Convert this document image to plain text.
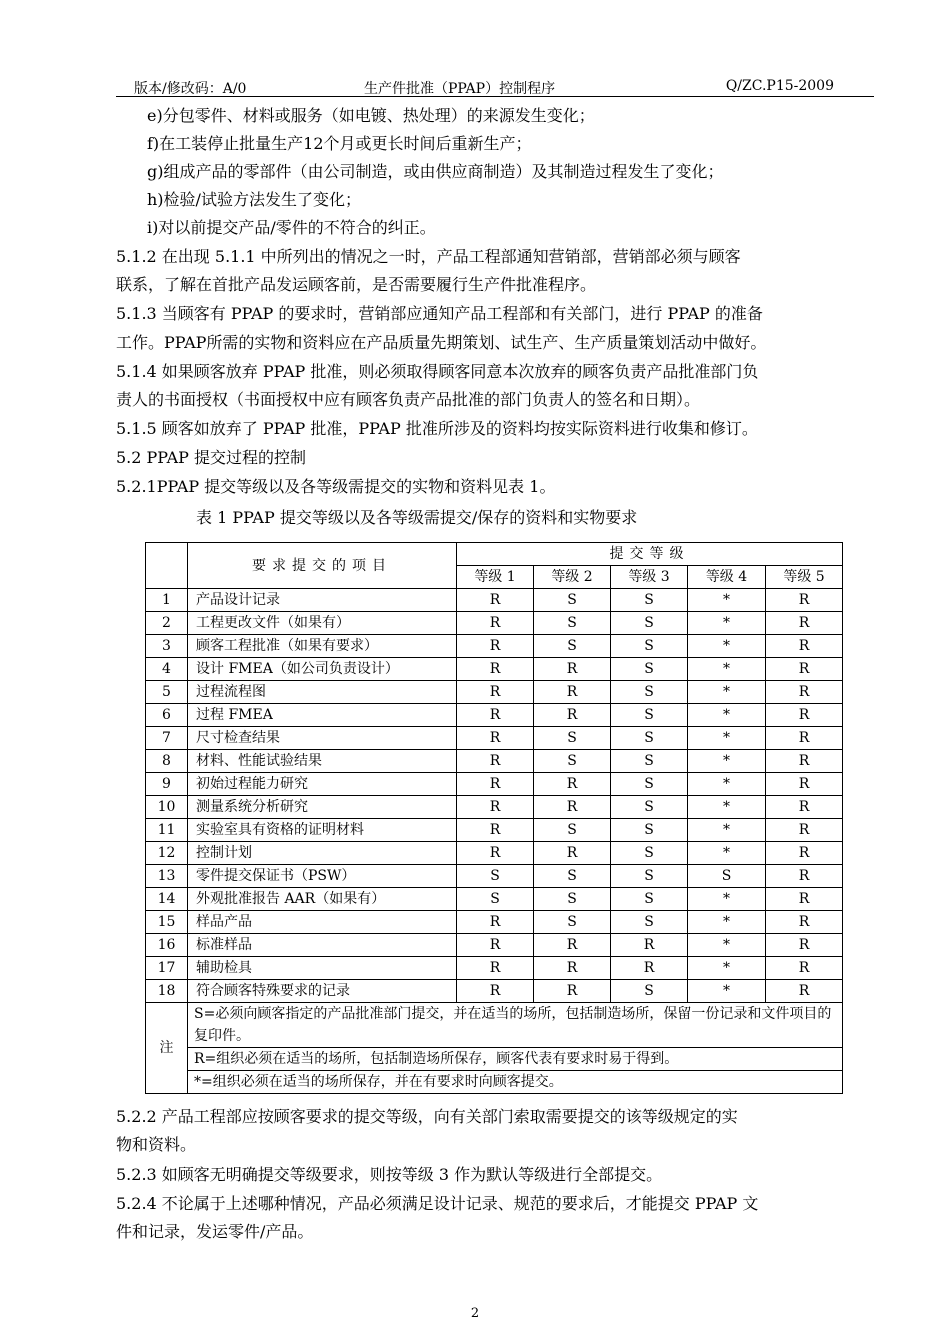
版本/修改码：A/0	生产件批准（PPAP）控制程序	Q/ZC.P15-2009
e)分包零件、材料或服务（如电镀、热处理）的来源发生变化；
f)在工装停止批量生产12个月或更长时间后重新生产；
g)组成产品的零部件（由公司制造，或由供应商制造）及其制造过程发生了变化；
h)检验/试验方法发生了变化；
i)对以前提交产品/零件的不符合的纠正。
5.1.2 在出现 5.1.1 中所列出的情况之一时，产品工程部通知营销部，营销部必须与顾客
联系，了解在首批产品发运顾客前，是否需要履行生产件批准程序。
5.1.3 当顾客有 PPAP 的要求时，营销部应通知产品工程部和有关部门，进行 PPAP 的准备
工作。PPAP所需的实物和资料应在产品质量先期策划、试生产、生产质量策划活动中做好。
5.1.4 如果顾客放弃 PPAP 批准，则必须取得顾客同意本次放弃的顾客负责产品批准部门负
责人的书面授权（书面授权中应有顾客负责产品批准的部门负责人的签名和日期）。
5.1.5 顾客如放弃了 PPAP 批准，PPAP 批准所涉及的资料均按实际资料进行收集和修订。
5.2 PPAP 提交过程的控制
5.2.1PPAP 提交等级以及各等级需提交的实物和资料见表 1。
表 1 PPAP 提交等级以及各等级需提交/保存的资料和实物要求
	要求提交的项目	提交等级				
		等级 1	等级 2	等级 3	等级 4	等级 5
1	产品设计记录	R	S	S	*	R
2	工程更改文件（如果有）	R	S	S	*	R
3	顾客工程批准（如果有要求）	R	S	S	*	R
4	设计 FMEA（如公司负责设计）	R	R	S	*	R
5	过程流程图	R	R	S	*	R
6	过程 FMEA	R	R	S	*	R
7	尺寸检查结果	R	S	S	*	R
8	材料、性能试验结果	R	S	S	*	R
9	初始过程能力研究	R	R	S	*	R
10	测量系统分析研究	R	R	S	*	R
11	实验室具有资格的证明材料	R	S	S	*	R
12	控制计划	R	R	S	*	R
13	零件提交保证书（PSW）	S	S	S	S	R
14	外观批准报告 AAR（如果有）	S	S	S	*	R
15	样品产品	R	S	S	*	R
16	标准样品	R	R	R	*	R
17	辅助检具	R	R	R	*	R
18	符合顾客特殊要求的记录	R	R	S	*	R
注	S=必须向顾客指定的产品批准部门提交，并在适当的场所，包括制造场所，保留一份记录和文件项目的复印件。					
	R=组织必须在适当的场所，包括制造场所保存，顾客代表有要求时易于得到。					
	*=组织必须在适当的场所保存，并在有要求时向顾客提交。					
5.2.2 产品工程部应按顾客要求的提交等级，向有关部门索取需要提交的该等级规定的实
物和资料。
5.2.3 如顾客无明确提交等级要求，则按等级 3 作为默认等级进行全部提交。
5.2.4 不论属于上述哪种情况，产品必须满足设计记录、规范的要求后，才能提交 PPAP 文
件和记录，发运零件/产品。
2
